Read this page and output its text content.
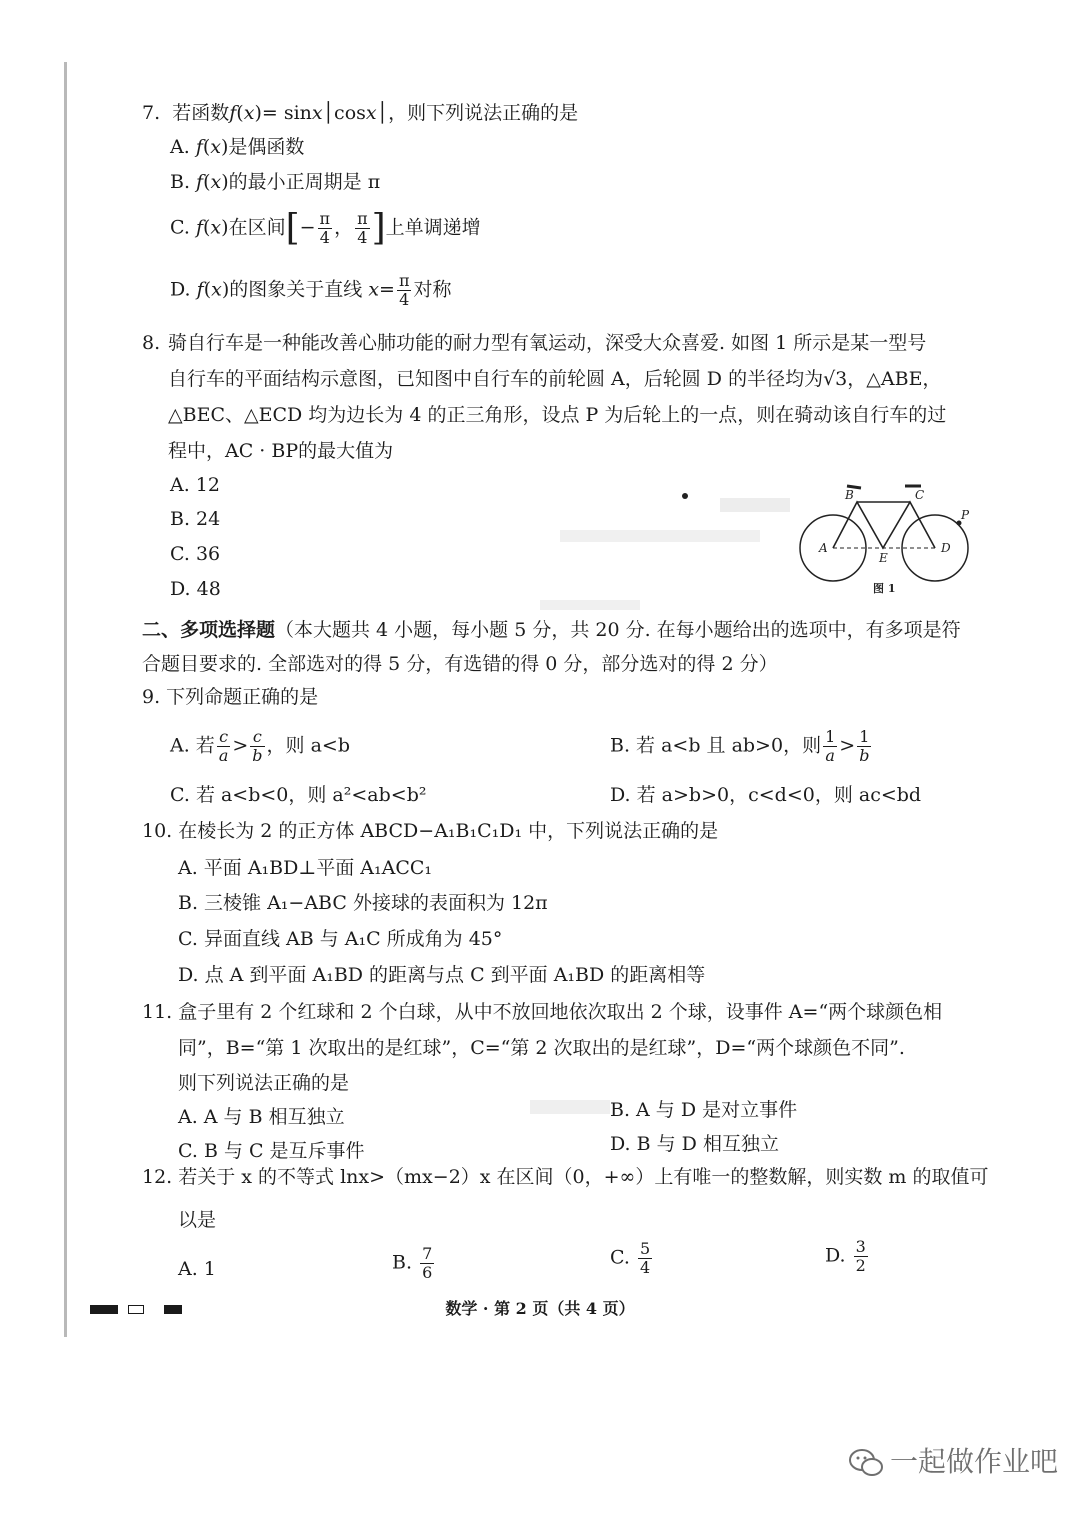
7. 若函数f(x)= sinx│cosx│，则下列说法正确的是
A. f(x)是偶函数
B. f(x)的最小正周期是 π
C. f(x)在区间[− $\frac{\pi}{4}$ ， $\frac{\pi}{4}$ ]上单调递增
D. f(x)的图象关于直线 $x= \frac{\pi}{4}$ 对称
8. 骑自行车是一种能改善心肺功能的耐力型有氧运动，深受大众喜爱. 如图 1 所示是某一型号
自行车的平面结构示意图，已知图中自行车的前轮圆 A，后轮圆 D 的半径均为√3，△ABE，
△BEC、△ECD 均为边长为 4 的正三角形，设点 P 为后轮上的一点，则在骑动该自行车的过
程中，AC · BP的最大值为
A. 12
B. 24
C. 36
D. 48
B	C
P
A
E
D
图 1
二、多项选择题（本大题共 4 小题，每小题 5 分，共 20 分. 在每小题给出的选项中，有多项是符合题目要求的. 全部选对的得 5 分，有选错的得 0 分，部分选对的得 2 分）
9. 下列命题正确的是
A. 若 $\frac{c}{a} > \frac{c}{b}$ ，则 a<b	B. 若 a<b 且 ab>0，则 $\frac{1}{a} > \frac{1}{b}$
C. 若 a<b<0，则 a²<ab<b²	D. 若 a>b>0，c<d<0，则 ac<bd
10. 在棱长为 2 的正方体 ABCD−A₁B₁C₁D₁ 中，下列说法正确的是
A. 平面 A₁BD⊥平面 A₁ACC₁
B. 三棱锥 A₁−ABC 外接球的表面积为 12π
C. 异面直线 AB 与 A₁C 所成角为 45°
D. 点 A 到平面 A₁BD 的距离与点 C 到平面 A₁BD 的距离相等
11. 盒子里有 2 个红球和 2 个白球，从中不放回地依次取出 2 个球，设事件 A=“两个球颜色相
同”，B=“第 1 次取出的是红球”，C=“第 2 次取出的是红球”，D=“两个球颜色不同”.
则下列说法正确的是
A. A 与 B 相互独立	B. A 与 D 是对立事件
C. B 与 C 是互斥事件	D. B 与 D 相互独立
12. 若关于 x 的不等式 lnx>（mx−2）x 在区间（0，+∞）上有唯一的整数解，则实数 m 的取值可
以是
A. 1	B. $\frac{7}{6}$	C. $\frac{5}{4}$	D. $\frac{3}{2}$
数学 · 第 2 页（共 4 页）
一起做作业吧
